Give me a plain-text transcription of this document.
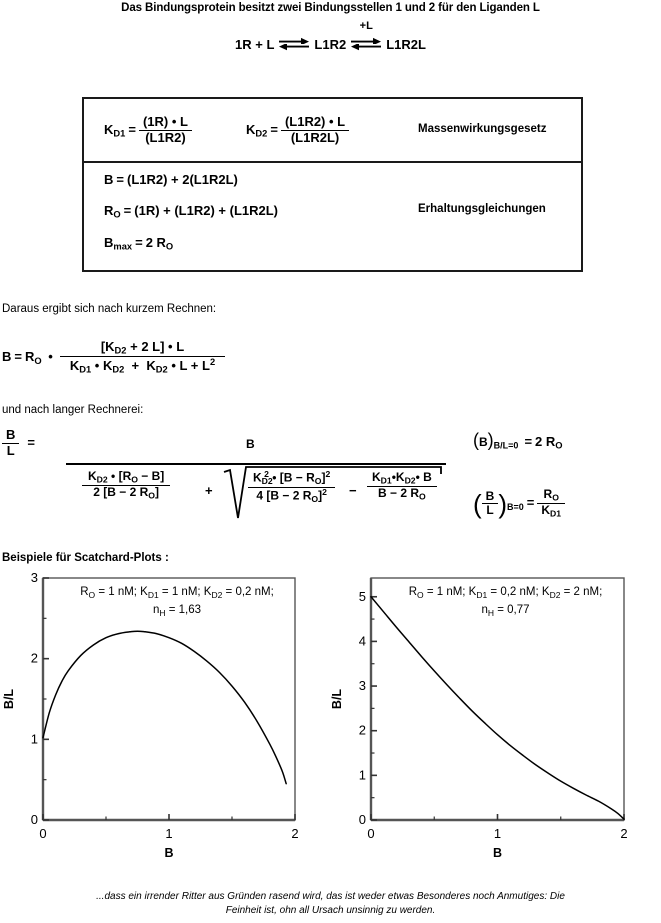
Das Bindungsprotein besitzt zwei Bindungsstellen 1 und 2 für den Liganden L
1R + L ⇌ L1R2
+L
L1R2L
$K_{D1} = \frac{(1R) • L}{(L1R2)}$	$K_{D2} = \frac{(L1R2) • L}{(L1R2L)}$	Massenwirkungsgesetz
B = (L1R2) + 2(L1R2L)
$R_O = (1R) + (L1R2) + (L1R2L)$
$B_{max} = 2$ $R_O$
Erhaltungsgleichungen
Daraus ergibt sich nach kurzem Rechnen:
$B = R_O$ • $\frac{[K_{D2} + 2 L] • L}{K_{D1} • K_{D2} + K_{D2} • L + L^2}$
und nach langer Rechnerei:
$\frac{B}{L}$ =	B
$\frac{K_{D2} • [R_O - B]}{2 [B - 2 R_O]}$	+	$\frac{K_{D2}^2 • [B - R_O]^2}{4 [B - 2 R_O]^2} - \frac{K_{D1}•K_{D2}• B}{B - 2 R_O}$
$(B)_{B/L=0} = 2$ $R_O$
( $\frac{B}{L} )_{B=0} = \frac{R_O}{K_{D1}}$
Beispiele für Scatchard-Plots :
0
1
2
3
0	1	2
B
B/L
$R_O = 1$ nM; $K_{D1} = 1$ nM; $K_{D2} = 0,2$ nM;
$n_H = 1,63$
0
1
2
3
4
5
0	1	2
B
B/L
$R_O = 1$ nM; $K_{D1} = 0,2$ nM; $K_{D2} = 2$ nM;
$n_H = 0,77$
...dass ein irrender Ritter aus Gründen rasend wird, das ist weder etwas Besonderes noch Anmutiges: Die
Feinheit ist, ohn all Ursach unsinnig zu werden.
